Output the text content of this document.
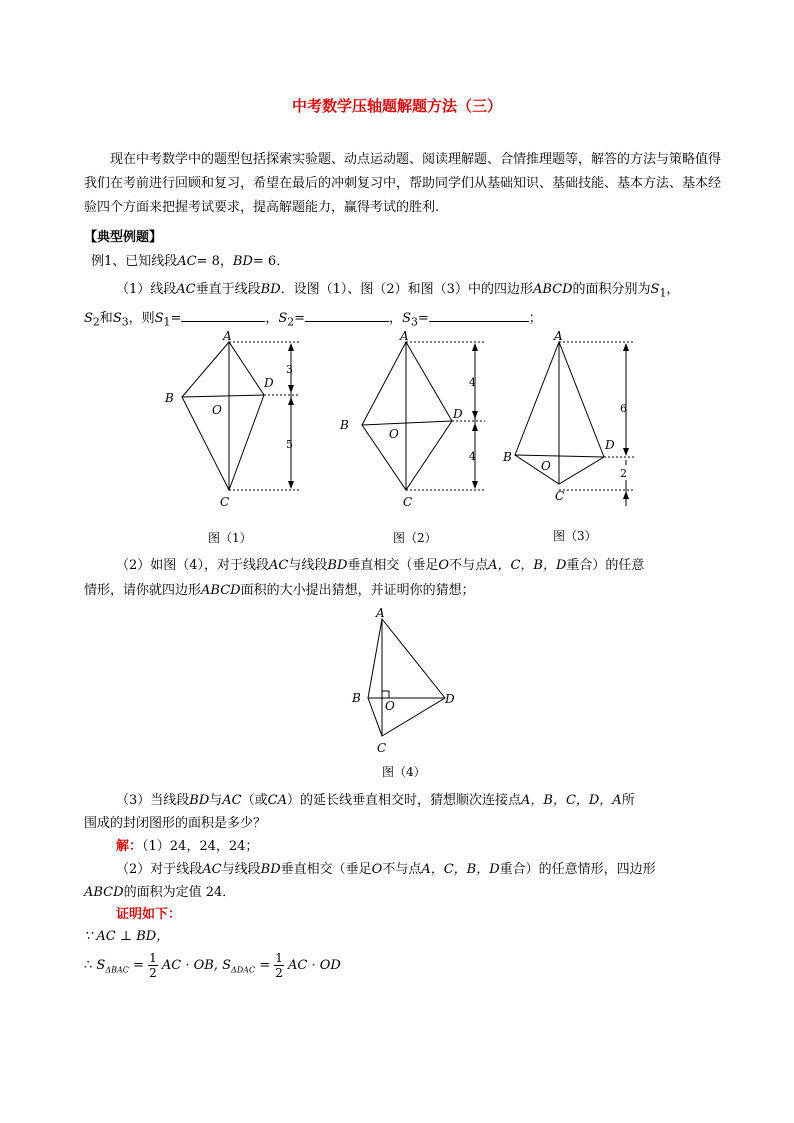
中考数学压轴题解题方法（三）
现在中考数学中的题型包括探索实验题、动点运动题、阅读理解题、合情推理题等，解答的方法与策略值得我们在考前进行回顾和复习，希望在最后的冲刺复习中，帮助同学们从基础知识、基础技能、基本方法、基本经验四个方面来把握考试要求，提高解题能力，赢得考试的胜利.
【典型例题】
例1、已知线段AC= 8，BD= 6．
（1）线段AC垂直于线段BD．设图（1）、图（2）和图（3）中的四边形ABCD的面积分别为$S_1$，
$S_2$和$S_3$，则$S_1=$	，$S_2=$	，$S_3=$	；
A
B
C
D
O
3
5
图（1）
A
B
C
D
O
4
4
图（2）
A
B
C
D
O
6
2
图（3）
（2）如图（4），对于线段AC与线段BD垂直相交（垂足O不与点A，C，B，D重合）的任意
情形，请你就四边形ABCD面积的大小提出猜想，并证明你的猜想；
A
B
C
D
O
图（4）
（3）当线段BD与AC（或CA）的延长线垂直相交时，猜想顺次连接点A，B，C，D，A所
围成的封闭图形的面积是多少？
解：（1）24，24，24；
（2）对于线段AC与线段BD垂直相交（垂足O不与点A，C，B，D重合）的任意情形，四边形
ABCD的面积为定值 24．
证明如下：
∵ AC ⊥ BD，
∴ $S_{\Delta BAC} = \frac{1}{2}$ AC · OB, $S_{\Delta DAC} = \frac{1}{2}$ AC · OD
